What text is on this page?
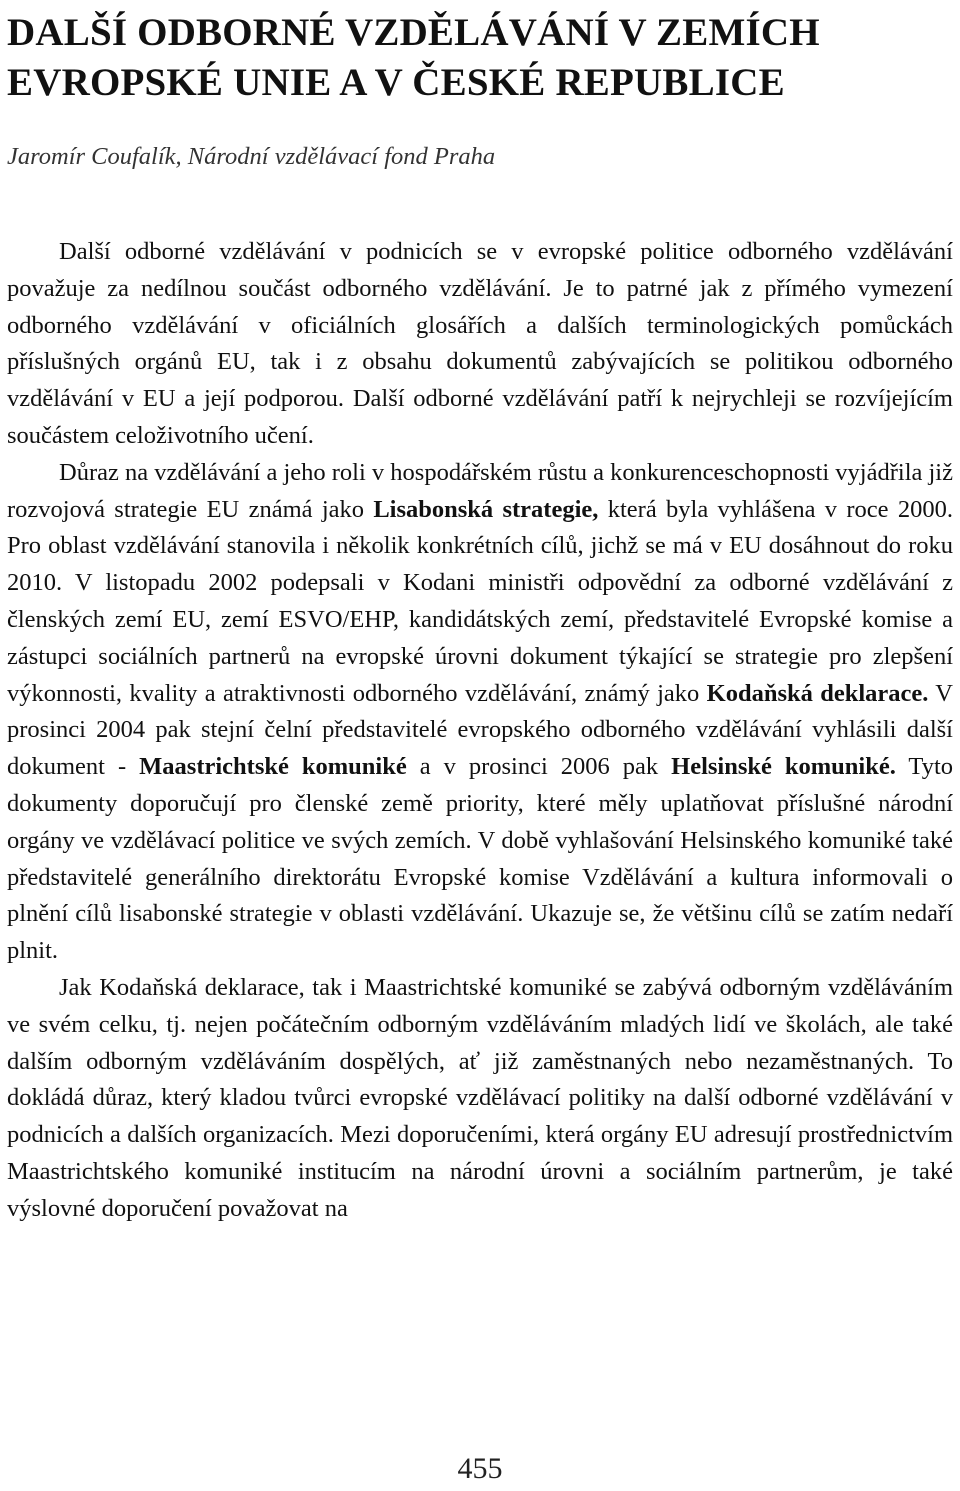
DALŠÍ ODBORNÉ VZDĚLÁVÁNÍ V ZEMÍCH
EVROPSKÉ UNIE A V ČESKÉ REPUBLICE
Jaromír Coufalík, Národní vzdělávací fond Praha

Další odborné vzdělávání v podnicích se v evropské politice odborného vzdělávání považuje za nedílnou součást odborného vzdělávání. Je to patrné jak z přímého vymezení odborného vzdělávání v oficiálních glosářích a dalších terminologických pomůckách příslušných orgánů EU, tak i z obsahu dokumentů zabývajících se politikou odborného vzdělávání v EU a její podporou. Další odborné vzdělávání patří k nejrychleji se rozvíjejícím součástem celoživotního učení.

Důraz na vzdělávání a jeho roli v hospodářském růstu a konkurenceschopnosti vyjádřila již rozvojová strategie EU známá jako Lisabonská strategie, která byla vyhlášena v roce 2000. Pro oblast vzdělávání stanovila i několik konkrétních cílů, jichž se má v EU dosáhnout do roku 2010. V listopadu 2002 podepsali v Kodani ministři odpovědní za odborné vzdělávání z členských zemí EU, zemí ESVO/EHP, kandidátských zemí, představitelé Evropské komise a zástupci sociálních partnerů na evropské úrovni dokument týkající se strategie pro zlepšení výkonnosti, kvality a atraktivnosti odborného vzdělávání, známý jako Kodaňská deklarace. V prosinci 2004 pak stejní čelní představitelé evropského odborného vzdělávání vyhlásili další dokument - Maastrichtské komuniké a v prosinci 2006 pak Helsinské komuniké. Tyto dokumenty doporučují pro členské země priority, které měly uplatňovat příslušné národní orgány ve vzdělávací politice ve svých zemích. V době vyhlašování Helsinského komuniké také představitelé generálního direktorátu Evropské komise Vzdělávání a kultura informovali o plnění cílů lisabonské strategie v oblasti vzdělávání. Ukazuje se, že většinu cílů se zatím nedaří plnit.

Jak Kodaňská deklarace, tak i Maastrichtské komuniké se zabývá odborným vzděláváním ve svém celku, tj. nejen počátečním odborným vzděláváním mladých lidí ve školách, ale také dalším odborným vzděláváním dospělých, ať již zaměstnaných nebo nezaměstnaných. To dokládá důraz, který kladou tvůrci evropské vzdělávací politiky na další odborné vzdělávání v podnicích a dalších organizacích. Mezi doporučeními, která orgány EU adresují prostřednictvím Maastrichtského komuniké institucím na národní úrovni a sociálním partnerům, je také výslovné doporučení považovat na

455
